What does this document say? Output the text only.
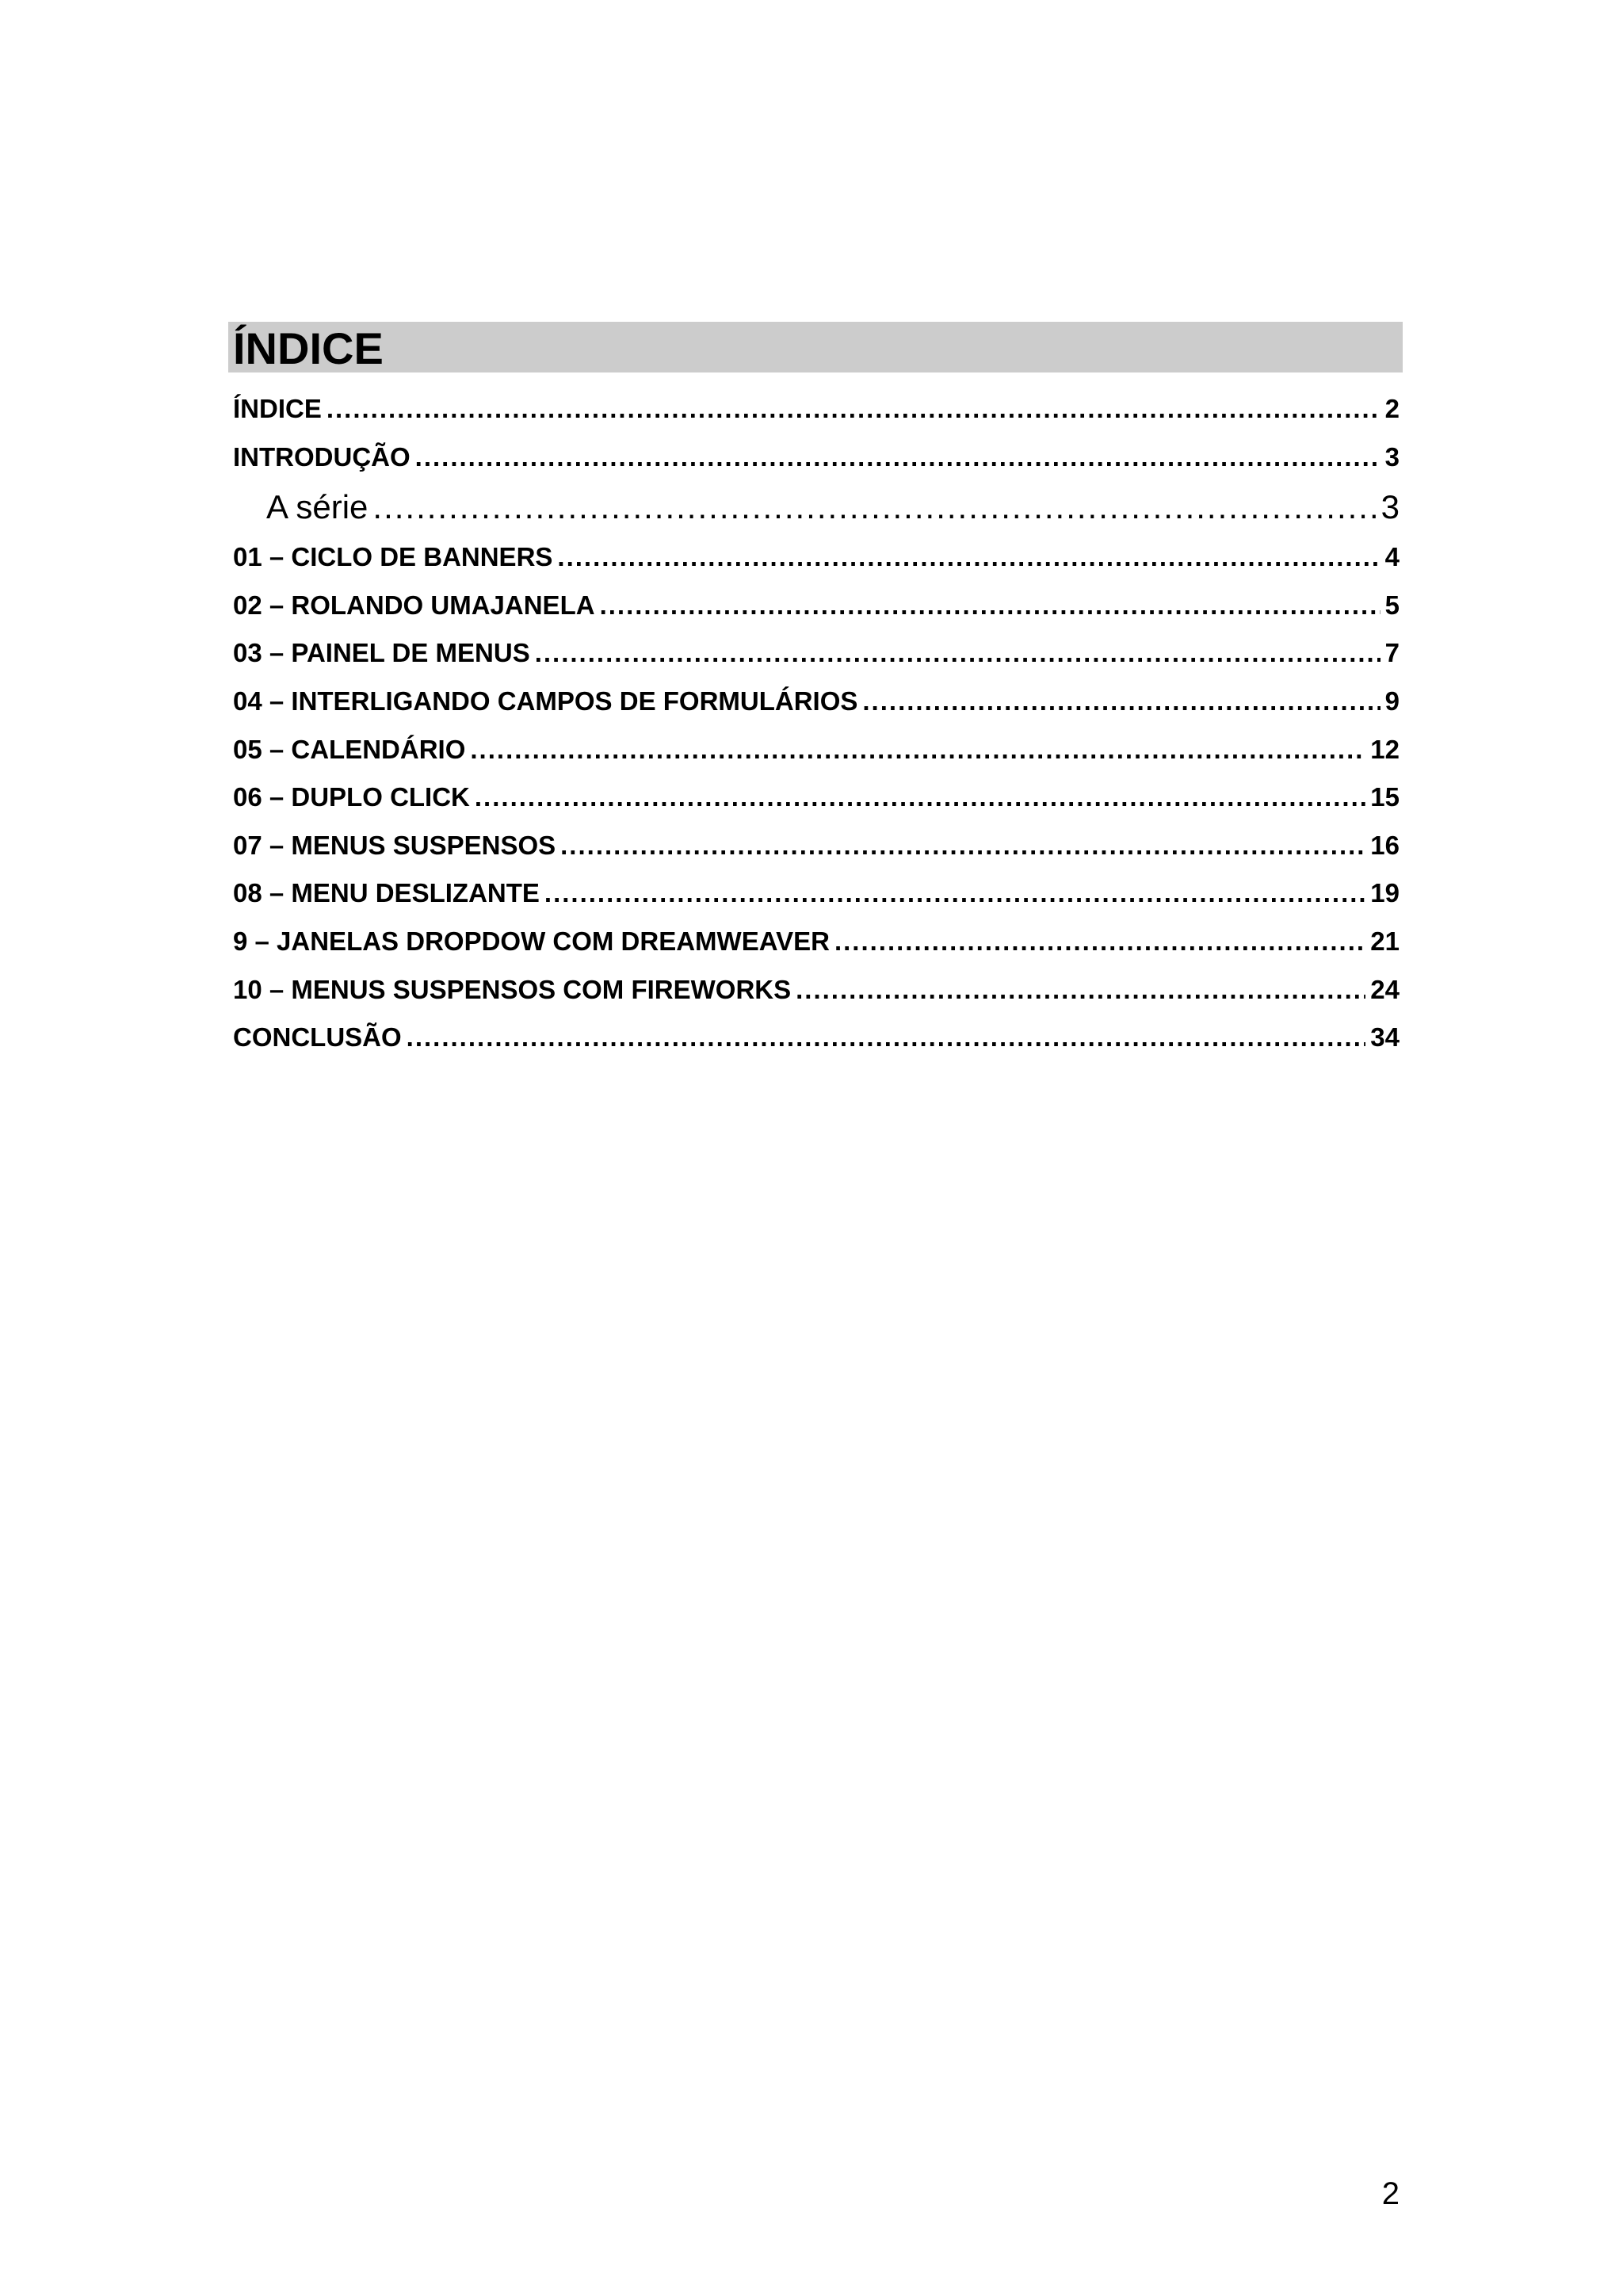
ÍNDICE
ÍNDICE .....	2
INTRODUÇÃO .....	3
A série .....	3
01 – CICLO DE BANNERS .....	4
02 – ROLANDO UMAJANELA .....	5
03 – PAINEL DE MENUS .....	7
04 – INTERLIGANDO CAMPOS DE FORMULÁRIOS .....	9
05 – CALENDÁRIO .....	12
06 – DUPLO CLICK .....	15
07 – MENUS SUSPENSOS .....	16
08 – MENU DESLIZANTE .....	19
9 – JANELAS DROPDOW COM DREAMWEAVER .....	21
10 – MENUS SUSPENSOS COM FIREWORKS .....	24
CONCLUSÃO .....	34
2
